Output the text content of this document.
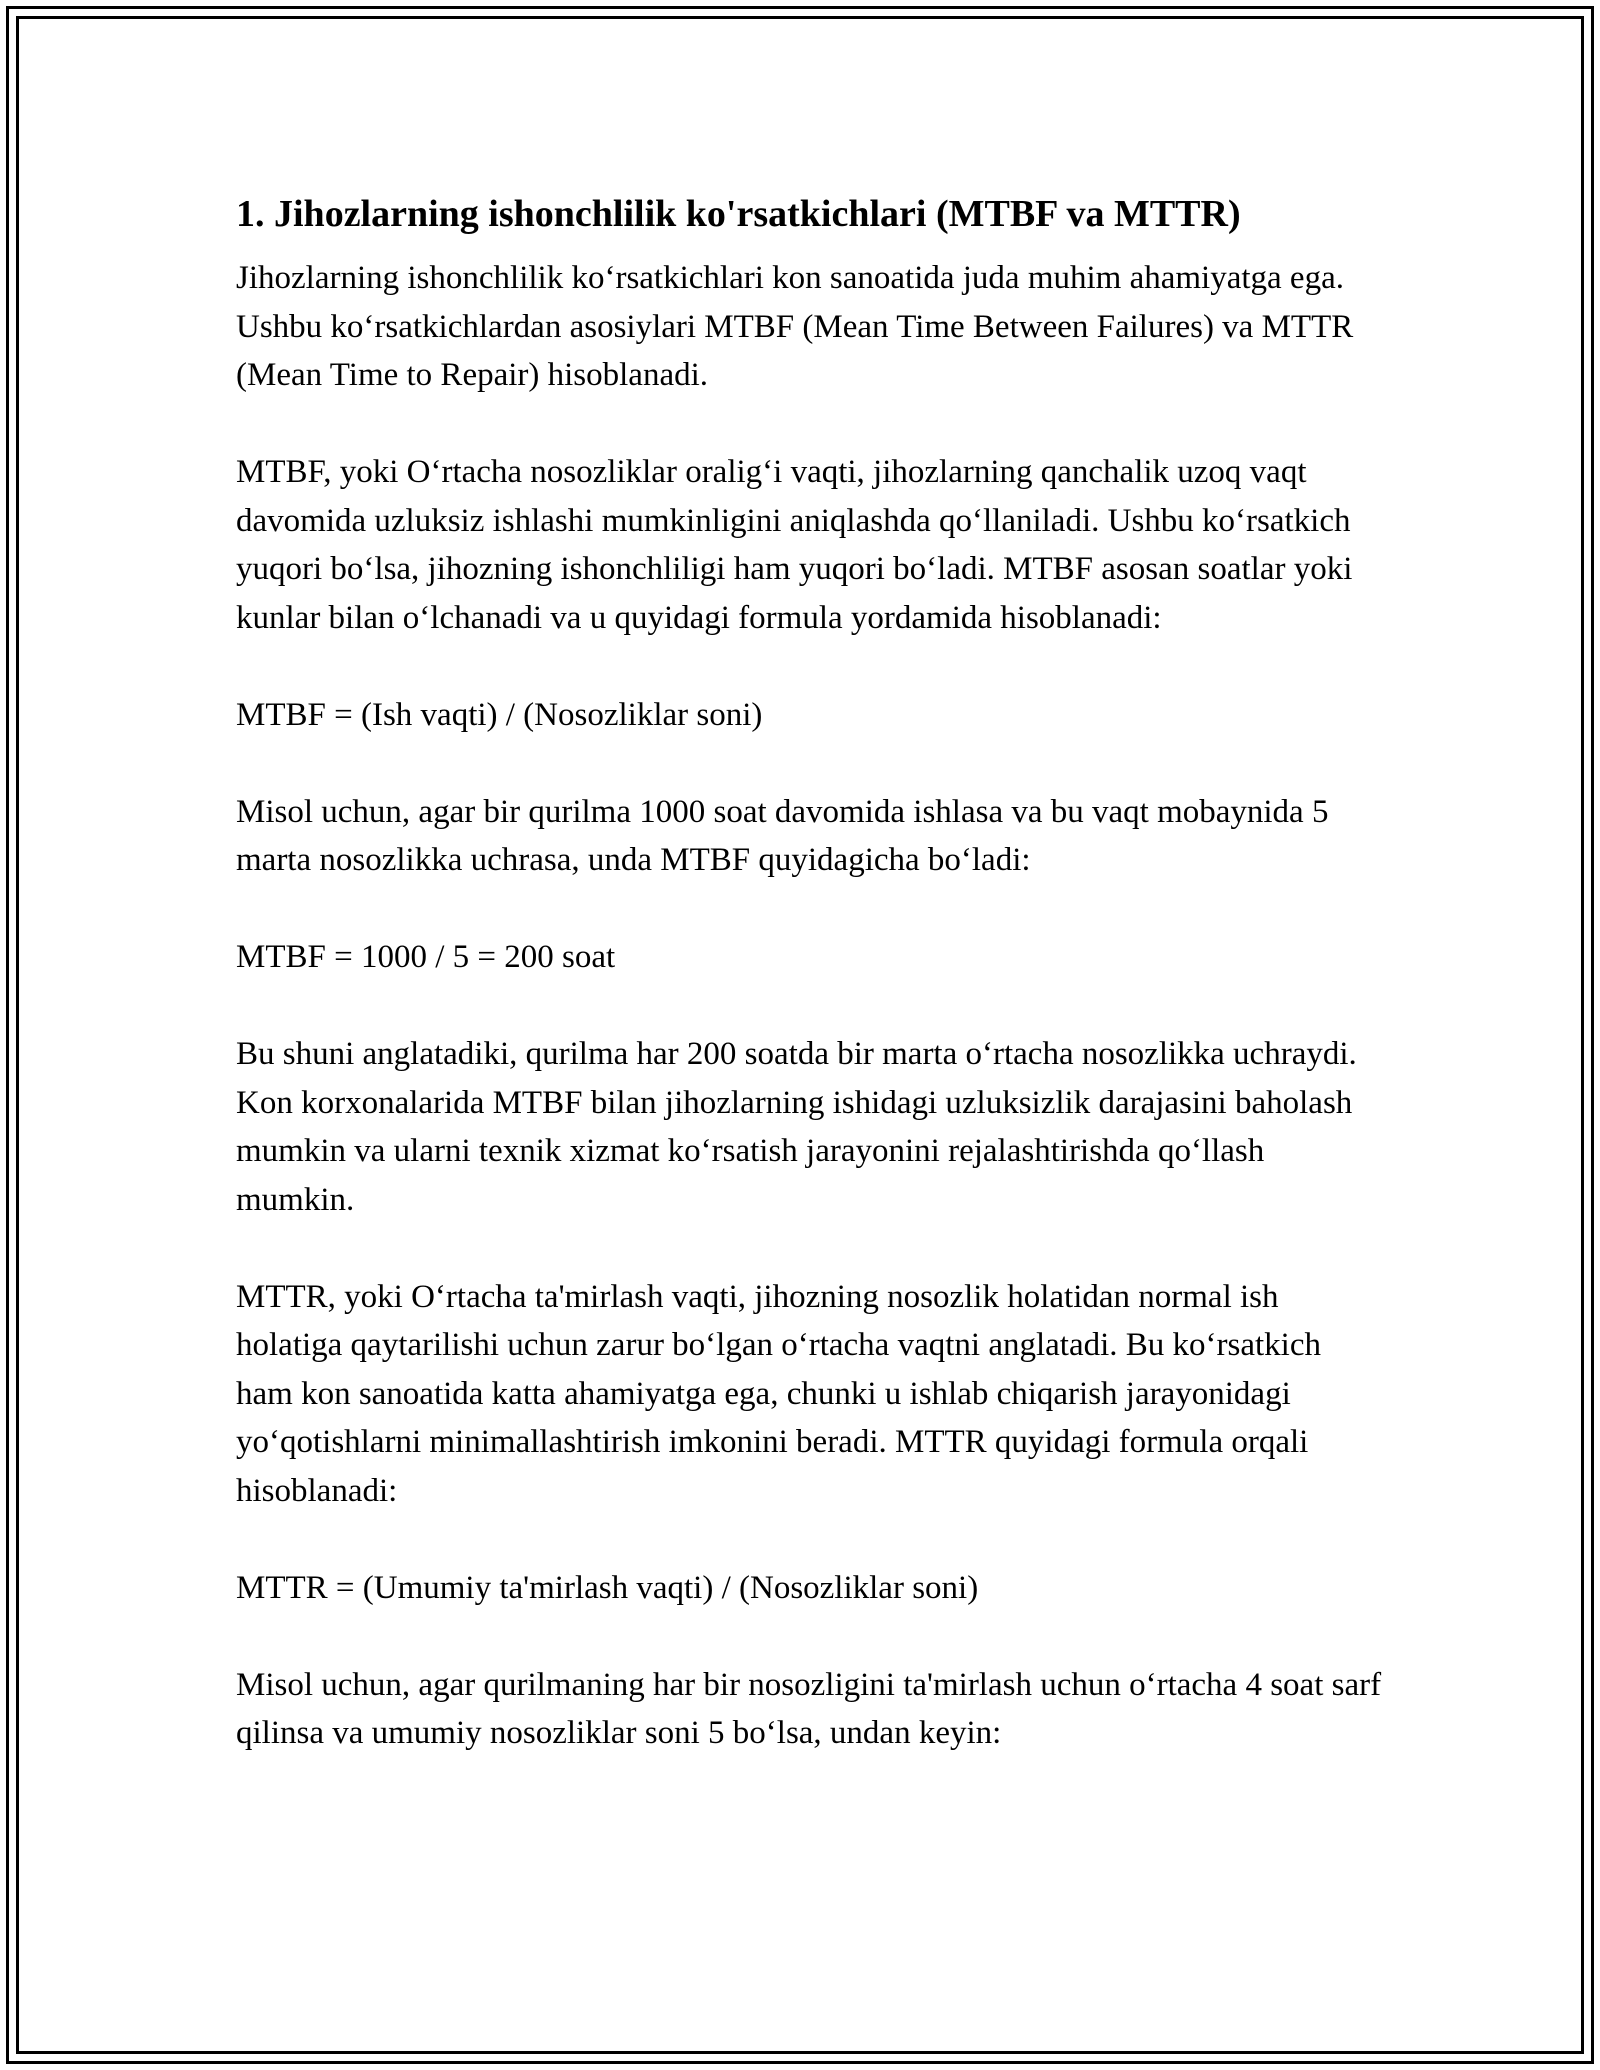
1. Jihozlarning ishonchlilik ko'rsatkichlari (MTBF va MTTR)

Jihozlarning ishonchlilik ko‘rsatkichlari kon sanoatida juda muhim ahamiyatga ega. Ushbu ko‘rsatkichlardan asosiylari MTBF (Mean Time Between Failures) va MTTR (Mean Time to Repair) hisoblanadi.

MTBF, yoki O‘rtacha nosozliklar oralig‘i vaqti, jihozlarning qanchalik uzoq vaqt davomida uzluksiz ishlashi mumkinligini aniqlashda qo‘llaniladi. Ushbu ko‘rsatkich yuqori bo‘lsa, jihozning ishonchliligi ham yuqori bo‘ladi. MTBF asosan soatlar yoki kunlar bilan o‘lchanadi va u quyidagi formula yordamida hisoblanadi:

MTBF = (Ish vaqti) / (Nosozliklar soni)

Misol uchun, agar bir qurilma 1000 soat davomida ishlasa va bu vaqt mobaynida 5 marta nosozlikka uchrasa, unda MTBF quyidagicha bo‘ladi:

MTBF = 1000 / 5 = 200 soat

Bu shuni anglatadiki, qurilma har 200 soatda bir marta o‘rtacha nosozlikka uchraydi. Kon korxonalarida MTBF bilan jihozlarning ishidagi uzluksizlik darajasini baholash mumkin va ularni texnik xizmat ko‘rsatish jarayonini rejalashtirishda qo‘llash mumkin.

MTTR, yoki O‘rtacha ta'mirlash vaqti, jihozning nosozlik holatidan normal ish holatiga qaytarilishi uchun zarur bo‘lgan o‘rtacha vaqtni anglatadi. Bu ko‘rsatkich ham kon sanoatida katta ahamiyatga ega, chunki u ishlab chiqarish jarayonidagi yo‘qotishlarni minimallashtirish imkonini beradi. MTTR quyidagi formula orqali hisoblanadi:

MTTR = (Umumiy ta'mirlash vaqti) / (Nosozliklar soni)

Misol uchun, agar qurilmaning har bir nosozligini ta'mirlash uchun o‘rtacha 4 soat sarf qilinsa va umumiy nosozliklar soni 5 bo‘lsa, undan keyin:
